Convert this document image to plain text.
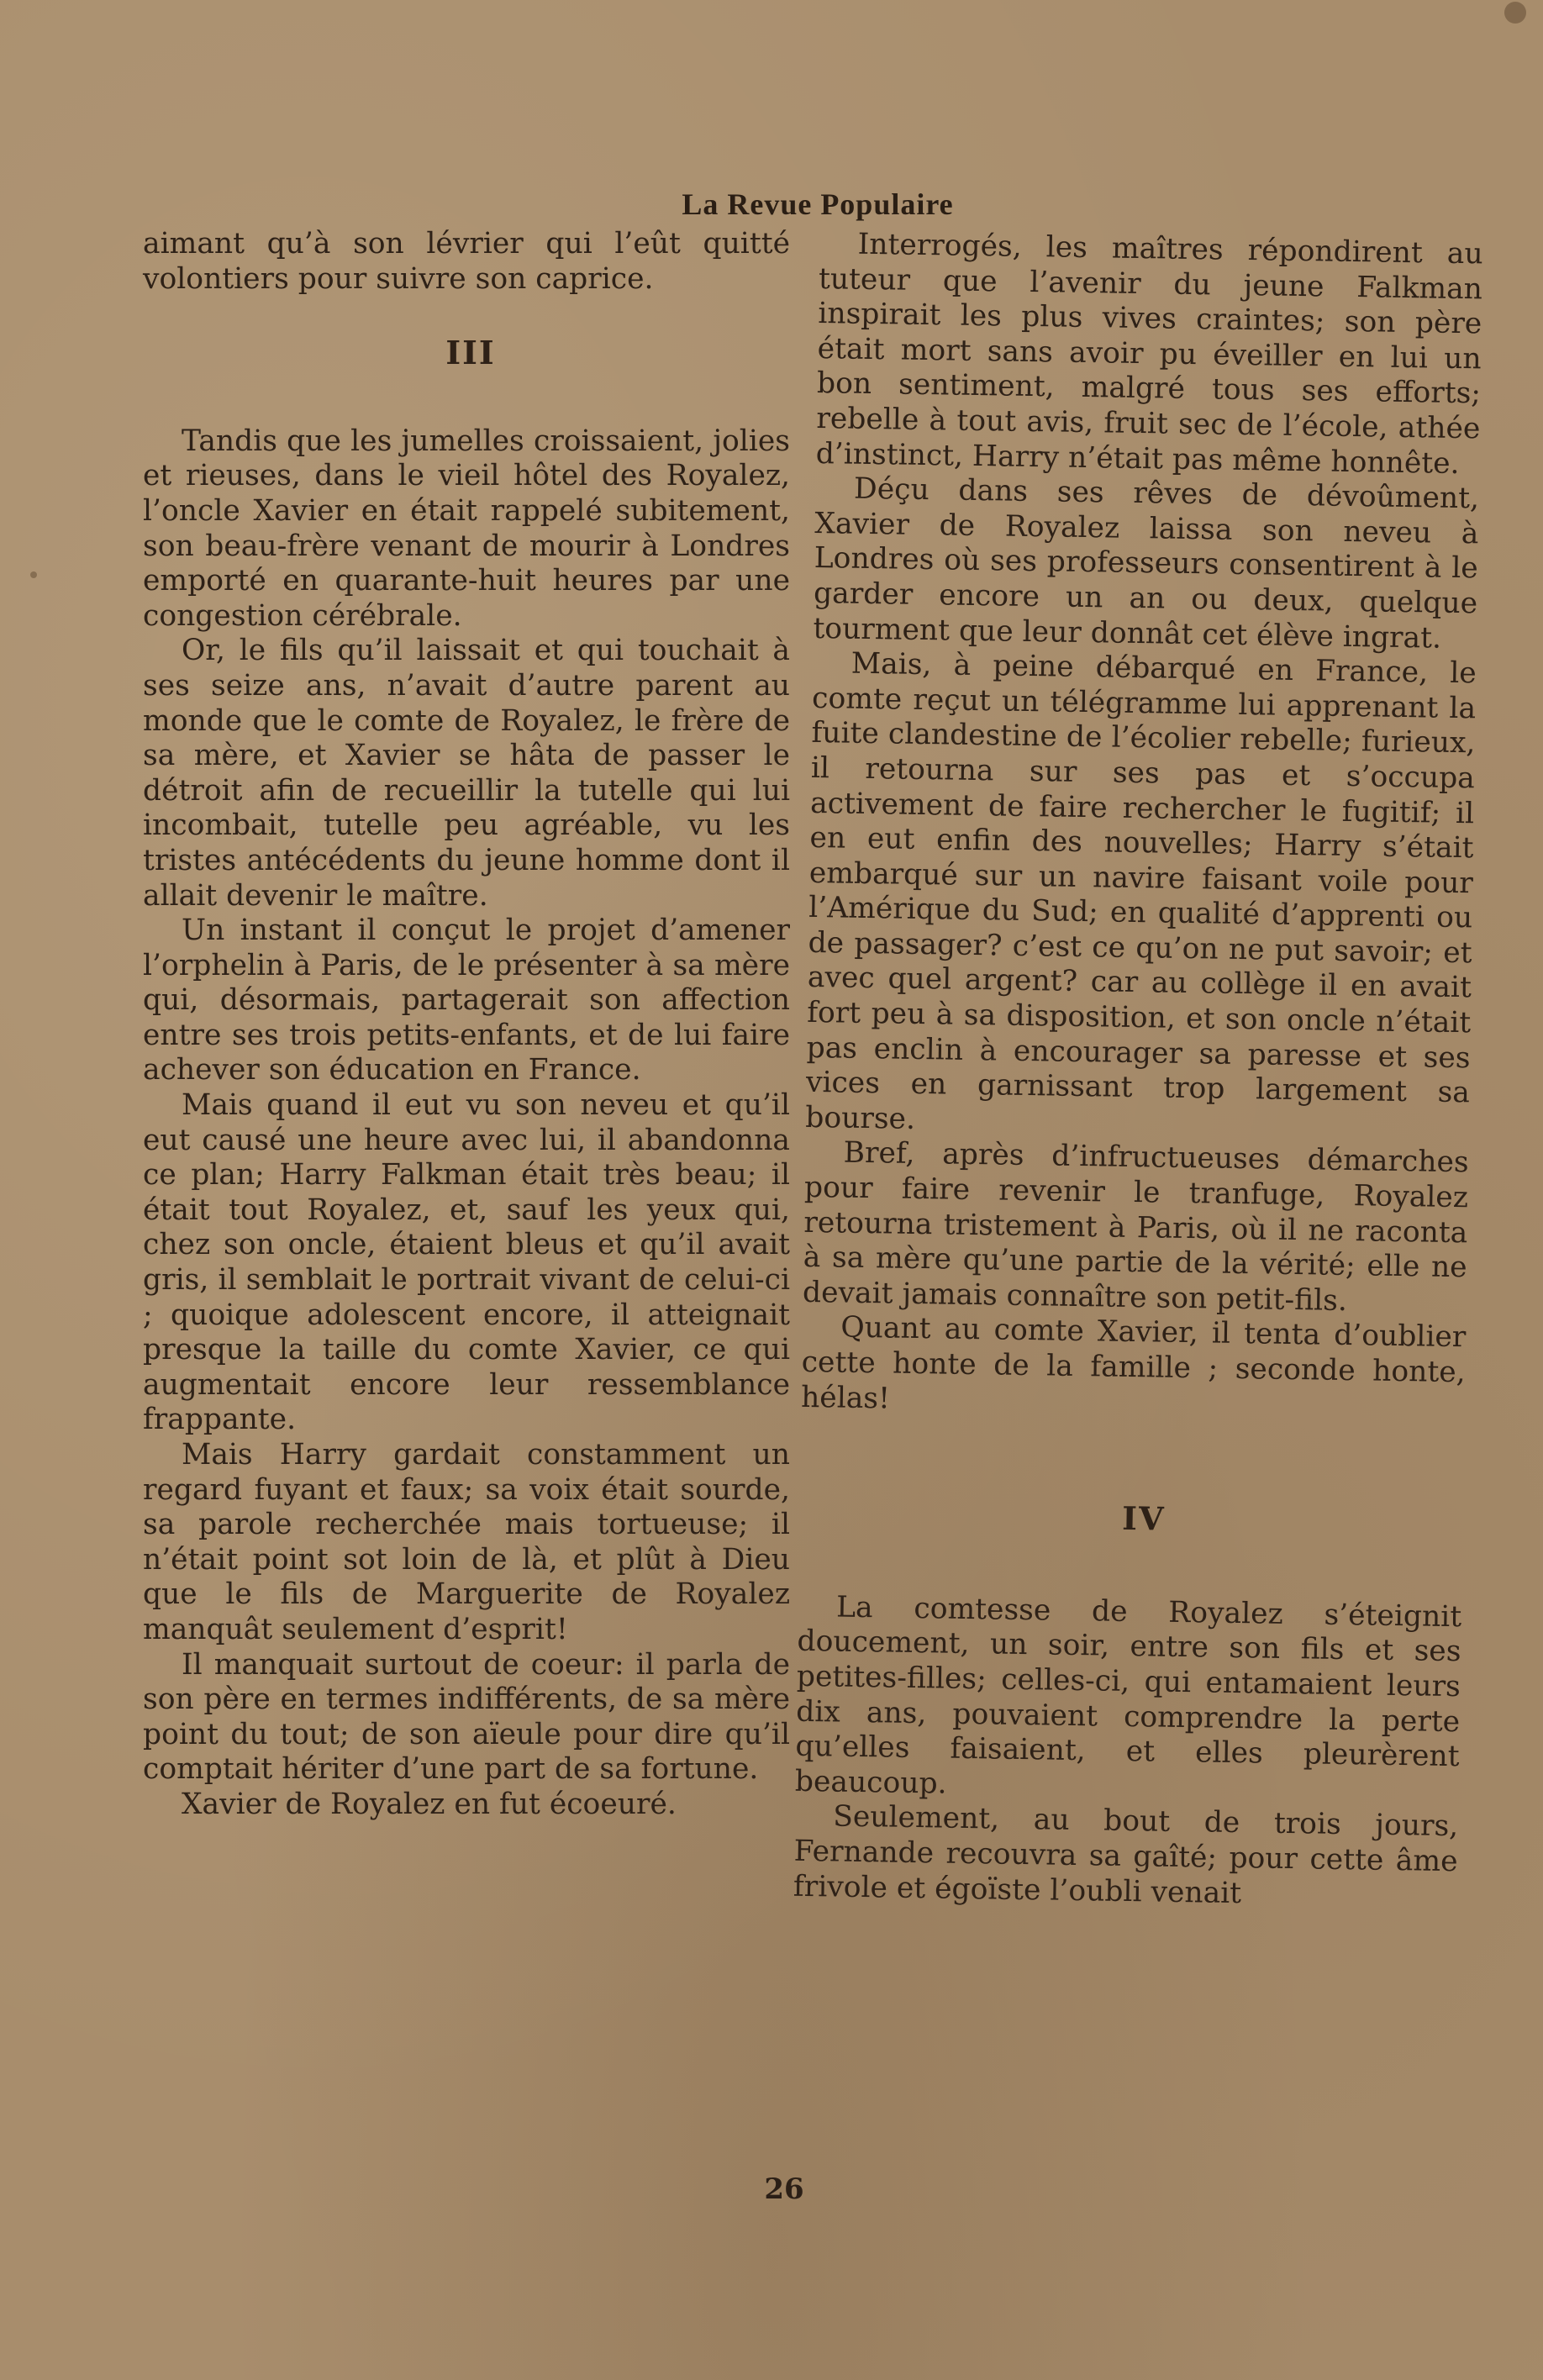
La Revue Populaire

aimant qu’à son lévrier qui l’eût quitté volontiers pour suivre son caprice.

III

Tandis que les jumelles croissaient, jolies et rieuses, dans le vieil hôtel des Royalez, l’oncle Xavier en était rappelé subitement, son beau-frère venant de mourir à Londres emporté en quarante-huit heures par une congestion cérébrale.

Or, le fils qu’il laissait et qui touchait à ses seize ans, n’avait d’autre parent au monde que le comte de Royalez, le frère de sa mère, et Xavier se hâta de passer le détroit afin de recueillir la tutelle qui lui incombait, tutelle peu agréable, vu les tristes antécédents du jeune homme dont il allait devenir le maître.

Un instant il conçut le projet d’amener l’orphelin à Paris, de le présenter à sa mère qui, désormais, partagerait son affection entre ses trois petits-enfants, et de lui faire achever son éducation en France.

Mais quand il eut vu son neveu et qu’il eut causé une heure avec lui, il abandonna ce plan; Harry Falkman était très beau; il était tout Royalez, et, sauf les yeux qui, chez son oncle, étaient bleus et qu’il avait gris, il semblait le portrait vivant de celui-ci ; quoique adolescent encore, il atteignait presque la taille du comte Xavier, ce qui augmentait encore leur ressemblance frappante.

Mais Harry gardait constamment un regard fuyant et faux; sa voix était sourde, sa parole recherchée mais tortueuse; il n’était point sot loin de là, et plût à Dieu que le fils de Marguerite de Royalez manquât seulement d’esprit!

Il manquait surtout de coeur: il parla de son père en termes indifférents, de sa mère point du tout; de son aïeule pour dire qu’il comptait hériter d’une part de sa fortune.

Xavier de Royalez en fut écoeuré.

Interrogés, les maîtres répondirent au tuteur que l’avenir du jeune Falkman inspirait les plus vives craintes; son père était mort sans avoir pu éveiller en lui un bon sentiment, malgré tous ses efforts; rebelle à tout avis, fruit sec de l’école, athée d’instinct, Harry n’était pas même honnête.

Déçu dans ses rêves de dévoûment, Xavier de Royalez laissa son neveu à Londres où ses professeurs consentirent à le garder encore un an ou deux, quelque tourment que leur donnât cet élève ingrat.

Mais, à peine débarqué en France, le comte reçut un télégramme lui apprenant la fuite clandestine de l’écolier rebelle; furieux, il retourna sur ses pas et s’occupa activement de faire rechercher le fugitif; il en eut enfin des nouvelles; Harry s’était embarqué sur un navire faisant voile pour l’Amérique du Sud; en qualité d’apprenti ou de passager? c’est ce qu’on ne put savoir; et avec quel argent? car au collège il en avait fort peu à sa disposition, et son oncle n’était pas enclin à encourager sa paresse et ses vices en garnissant trop largement sa bourse.

Bref, après d’infructueuses démarches pour faire revenir le tranfuge, Royalez retourna tristement à Paris, où il ne raconta à sa mère qu’une partie de la vérité; elle ne devait jamais connaître son petit-fils.

Quant au comte Xavier, il tenta d’oublier cette honte de la famille ; seconde honte, hélas!

IV

La comtesse de Royalez s’éteignit doucement, un soir, entre son fils et ses petites-filles; celles-ci, qui entamaient leurs dix ans, pouvaient comprendre la perte qu’elles faisaient, et elles pleurèrent beaucoup.

Seulement, au bout de trois jours, Fernande recouvra sa gaîté; pour cette âme frivole et égoïste l’oubli venait

26
